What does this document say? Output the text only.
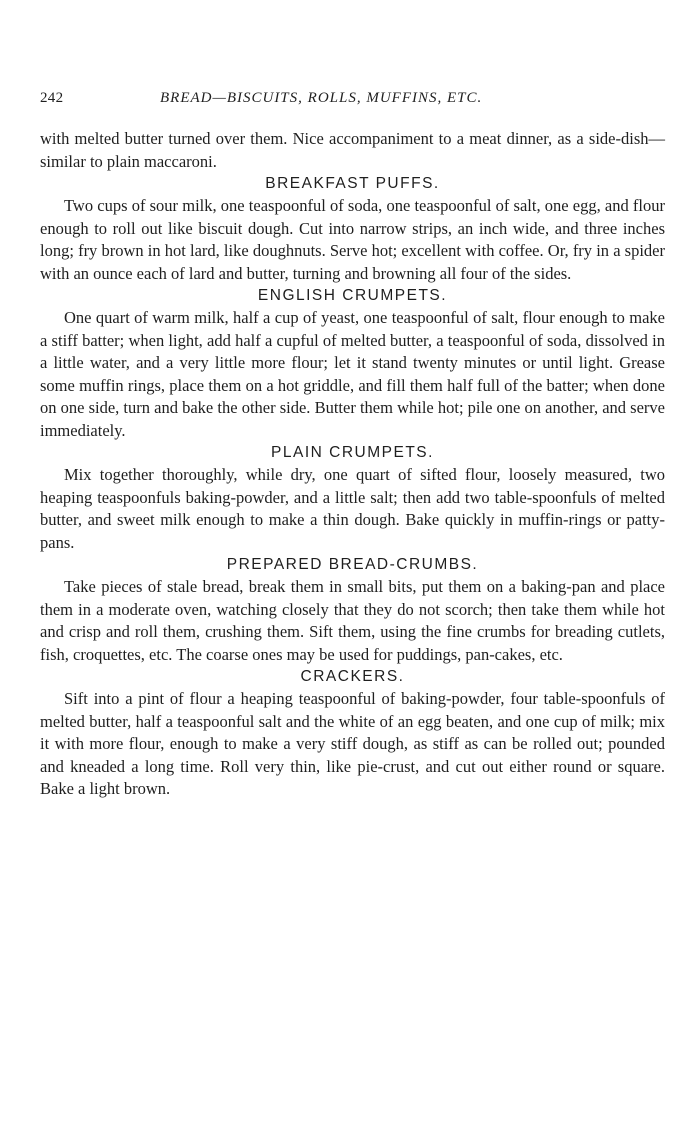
242	BREAD—BISCUITS, ROLLS, MUFFINS, ETC.

with melted butter turned over them. Nice accompaniment to a meat dinner, as a side-dish—similar to plain maccaroni.

BREAKFAST PUFFS.

Two cups of sour milk, one teaspoonful of soda, one teaspoonful of salt, one egg, and flour enough to roll out like biscuit dough. Cut into narrow strips, an inch wide, and three inches long; fry brown in hot lard, like doughnuts. Serve hot; excellent with coffee. Or, fry in a spider with an ounce each of lard and butter, turning and browning all four of the sides.

ENGLISH CRUMPETS.

One quart of warm milk, half a cup of yeast, one teaspoonful of salt, flour enough to make a stiff batter; when light, add half a cupful of melted butter, a teaspoonful of soda, dissolved in a little water, and a very little more flour; let it stand twenty minutes or until light. Grease some muffin rings, place them on a hot griddle, and fill them half full of the batter; when done on one side, turn and bake the other side. Butter them while hot; pile one on another, and serve immediately.

PLAIN CRUMPETS.

Mix together thoroughly, while dry, one quart of sifted flour, loosely measured, two heaping teaspoonfuls baking-powder, and a little salt; then add two table-spoonfuls of melted butter, and sweet milk enough to make a thin dough. Bake quickly in muffin-rings or patty-pans.

PREPARED BREAD-CRUMBS.

Take pieces of stale bread, break them in small bits, put them on a baking-pan and place them in a moderate oven, watching closely that they do not scorch; then take them while hot and crisp and roll them, crushing them. Sift them, using the fine crumbs for breading cutlets, fish, croquettes, etc. The coarse ones may be used for puddings, pan-cakes, etc.

CRACKERS.

Sift into a pint of flour a heaping teaspoonful of baking-powder, four table-spoonfuls of melted butter, half a teaspoonful salt and the white of an egg beaten, and one cup of milk; mix it with more flour, enough to make a very stiff dough, as stiff as can be rolled out; pounded and kneaded a long time. Roll very thin, like pie-crust, and cut out either round or square. Bake a light brown.
